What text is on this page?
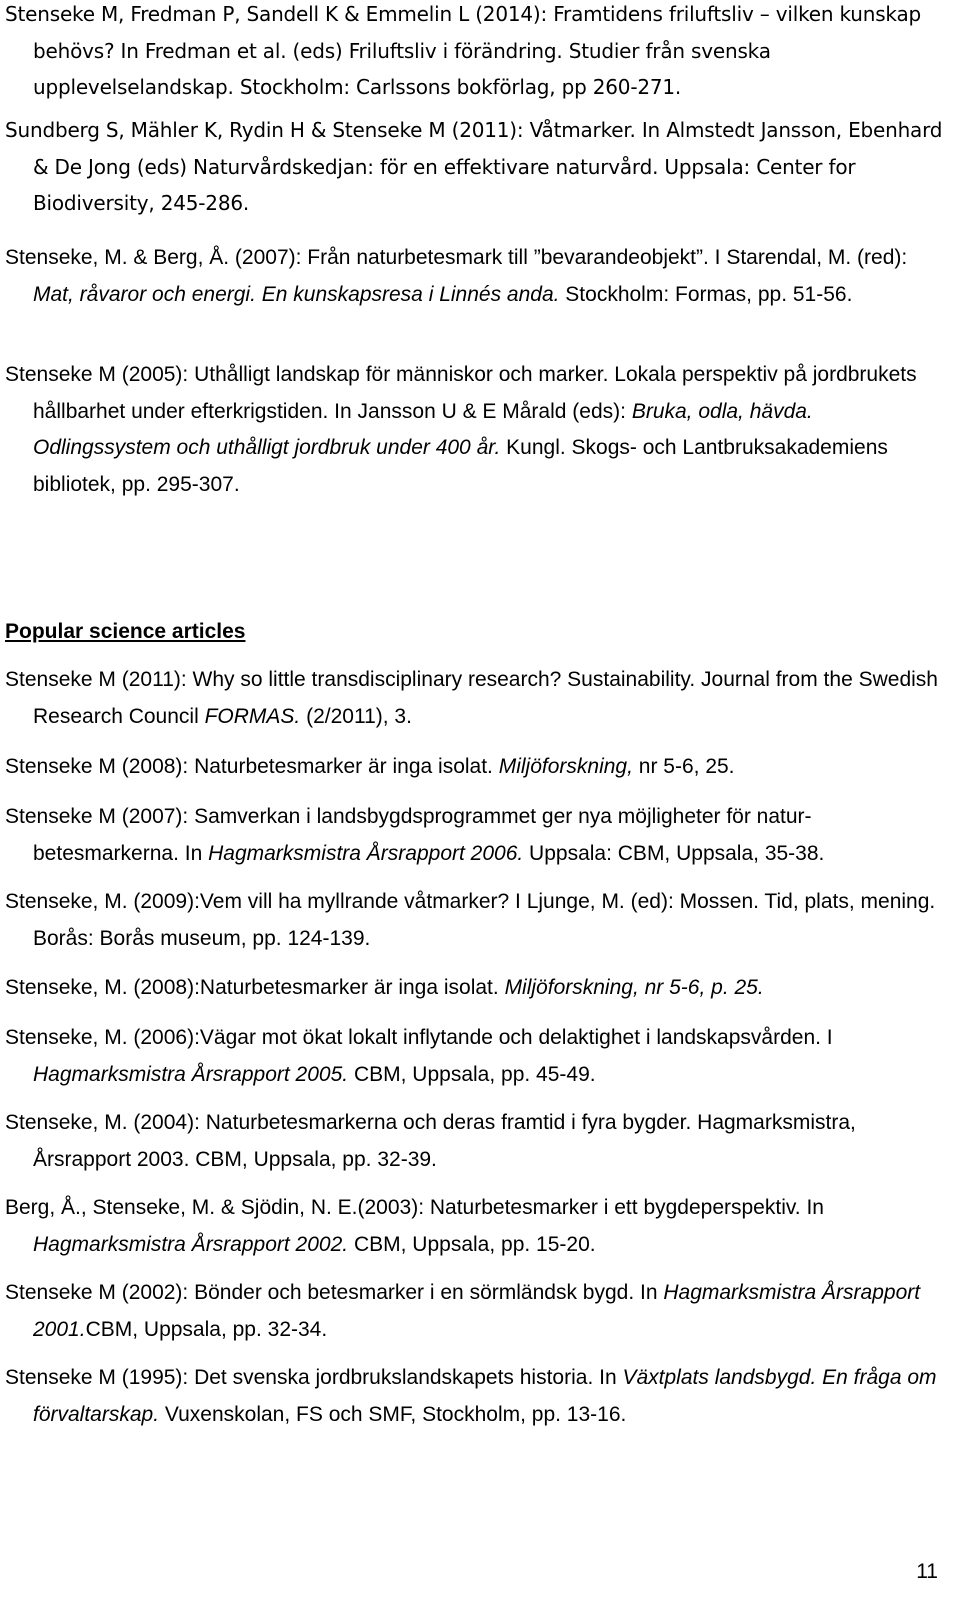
Stenseke M, Fredman P, Sandell K & Emmelin L (2014): Framtidens friluftsliv – vilken kunskap behövs? In Fredman et al. (eds) Friluftsliv i förändring. Studier från svenska upplevelselandskap. Stockholm: Carlssons bokförlag, pp 260-271.
Sundberg S, Mähler K, Rydin H & Stenseke M (2011): Våtmarker. In Almstedt Jansson, Ebenhard & De Jong (eds) Naturvårdskedjan: för en effektivare naturvård. Uppsala: Center for Biodiversity, 245-286.
Stenseke, M. & Berg, Å. (2007): Från naturbetesmark till ”bevarandeobjekt”. I Starendal, M. (red): Mat, råvaror och energi. En kunskapsresa i Linnés anda. Stockholm: Formas, pp. 51-56.
Stenseke M (2005): Uthålligt landskap för människor och marker. Lokala perspektiv på jordbrukets hållbarhet under efterkrigstiden. In Jansson U & E Mårald (eds): Bruka, odla, hävda. Odlingssystem och uthålligt jordbruk under 400 år. Kungl. Skogs- och Lantbruksakademiens bibliotek, pp. 295-307.
Popular science articles
Stenseke M (2011): Why so little transdisciplinary research? Sustainability. Journal from the Swedish Research Council FORMAS. (2/2011), 3.
Stenseke M (2008): Naturbetesmarker är inga isolat. Miljöforskning, nr 5-6, 25.
Stenseke M (2007): Samverkan i landsbygdsprogrammet ger nya möjligheter för natur-betesmarkerna. In Hagmarksmistra Årsrapport 2006. Uppsala: CBM, Uppsala, 35-38.
Stenseke, M. (2009):Vem vill ha myllrande våtmarker? I Ljunge, M. (ed): Mossen. Tid, plats, mening. Borås: Borås museum, pp. 124-139.
Stenseke, M. (2008):Naturbetesmarker är inga isolat. Miljöforskning, nr 5-6, p. 25.
Stenseke, M. (2006):Vägar mot ökat lokalt inflytande och delaktighet i landskapsvården. I Hagmarksmistra Årsrapport 2005. CBM, Uppsala, pp. 45-49.
Stenseke, M. (2004): Naturbetesmarkerna och deras framtid i fyra bygder. Hagmarksmistra, Årsrapport 2003. CBM, Uppsala, pp. 32-39.
Berg, Å., Stenseke, M. & Sjödin, N. E.(2003): Naturbetesmarker i ett bygdeperspektiv. In Hagmarksmistra Årsrapport 2002. CBM, Uppsala, pp. 15-20.
Stenseke M (2002): Bönder och betesmarker i en sörmländsk bygd. In Hagmarksmistra Årsrapport 2001.CBM, Uppsala, pp. 32-34.
Stenseke M (1995): Det svenska jordbrukslandskapets historia. In Växtplats landsbygd. En fråga om förvaltarskap. Vuxenskolan, FS och SMF, Stockholm, pp. 13-16.
11
